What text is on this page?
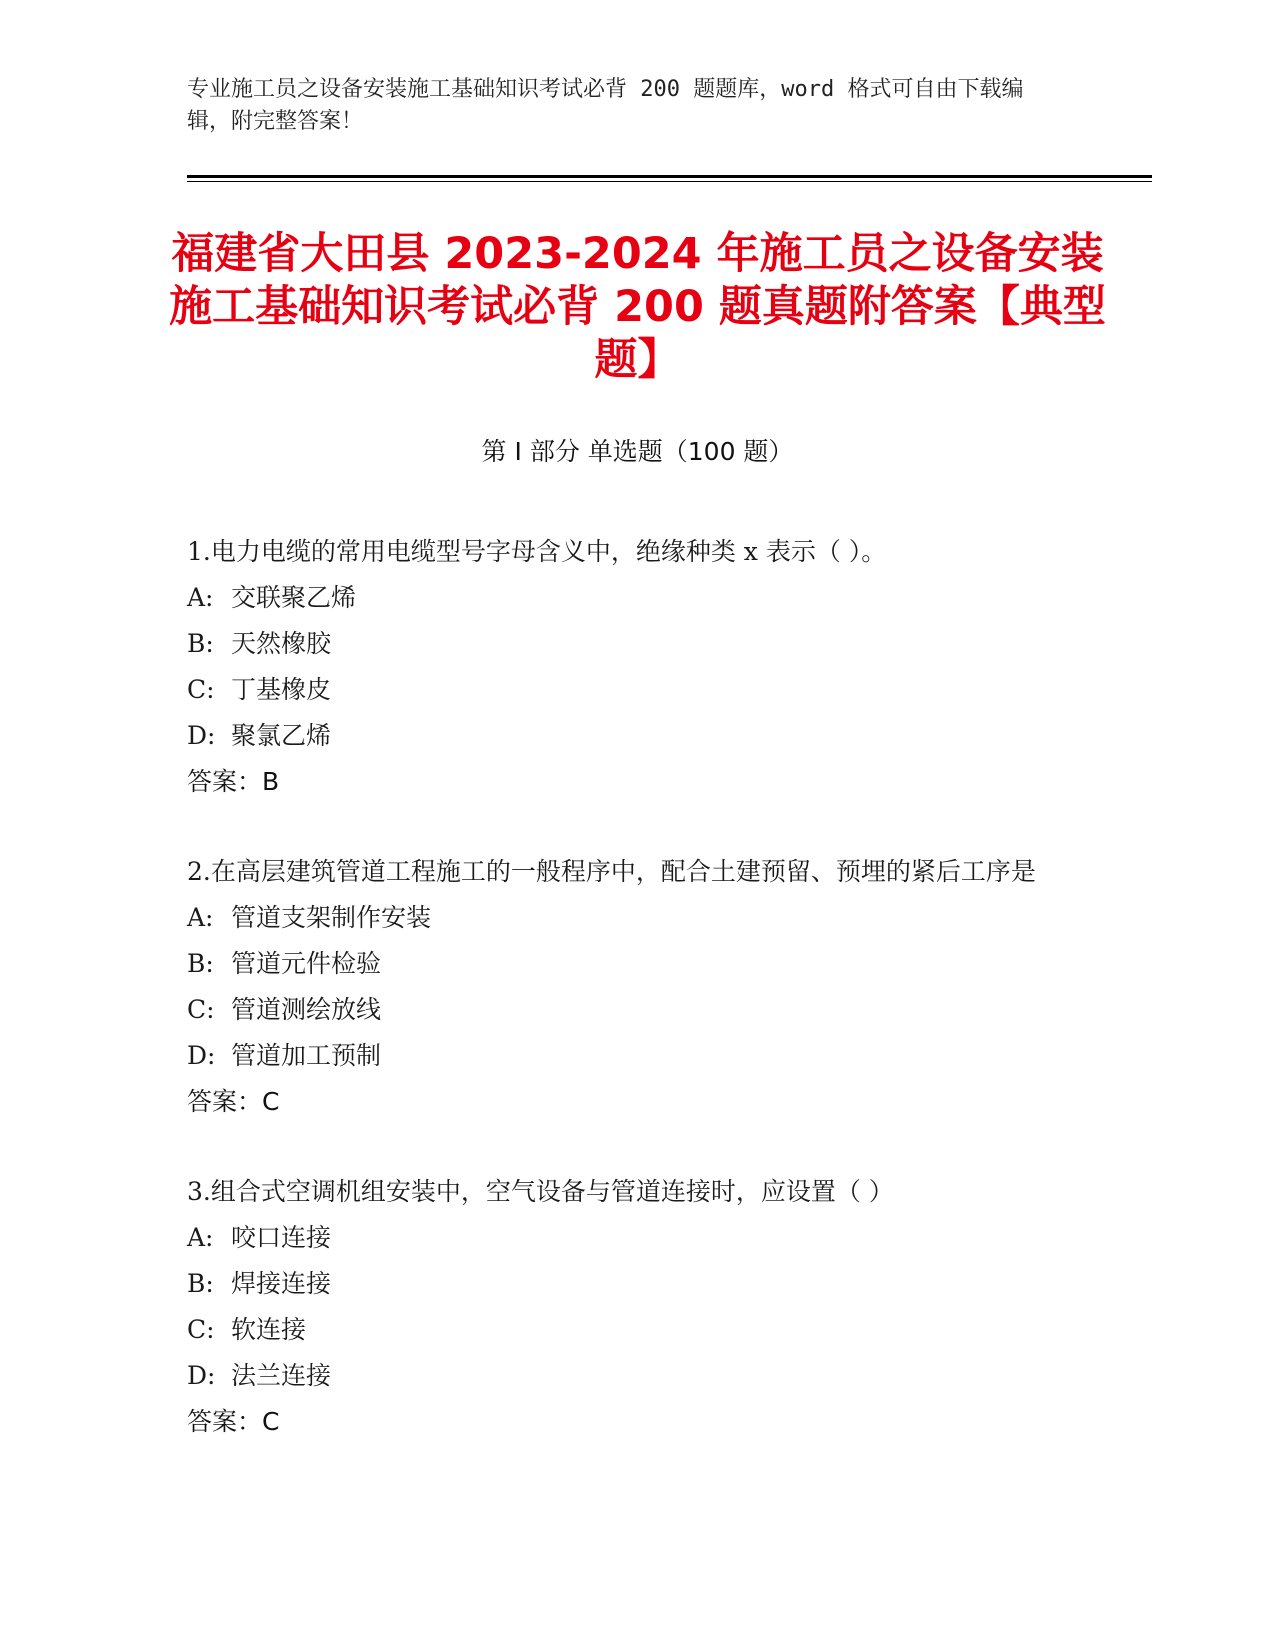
专业施工员之设备安装施工基础知识考试必背 200 题题库，word 格式可自由下载编辑，附完整答案！
福建省大田县 2023-2024 年施工员之设备安装施工基础知识考试必背 200 题真题附答案【典型题】
第 I 部分 单选题（100 题）
1.电力电缆的常用电缆型号字母含义中，绝缘种类 x 表示（ ）。
A: 交联聚乙烯
B: 天然橡胶
C: 丁基橡皮
D: 聚氯乙烯
答案：B
2.在高层建筑管道工程施工的一般程序中，配合土建预留、预埋的紧后工序是
A: 管道支架制作安装
B: 管道元件检验
C: 管道测绘放线
D: 管道加工预制
答案：C
3.组合式空调机组安装中，空气设备与管道连接时，应设置（ ）
A: 咬口连接
B: 焊接连接
C: 软连接
D: 法兰连接
答案：C
